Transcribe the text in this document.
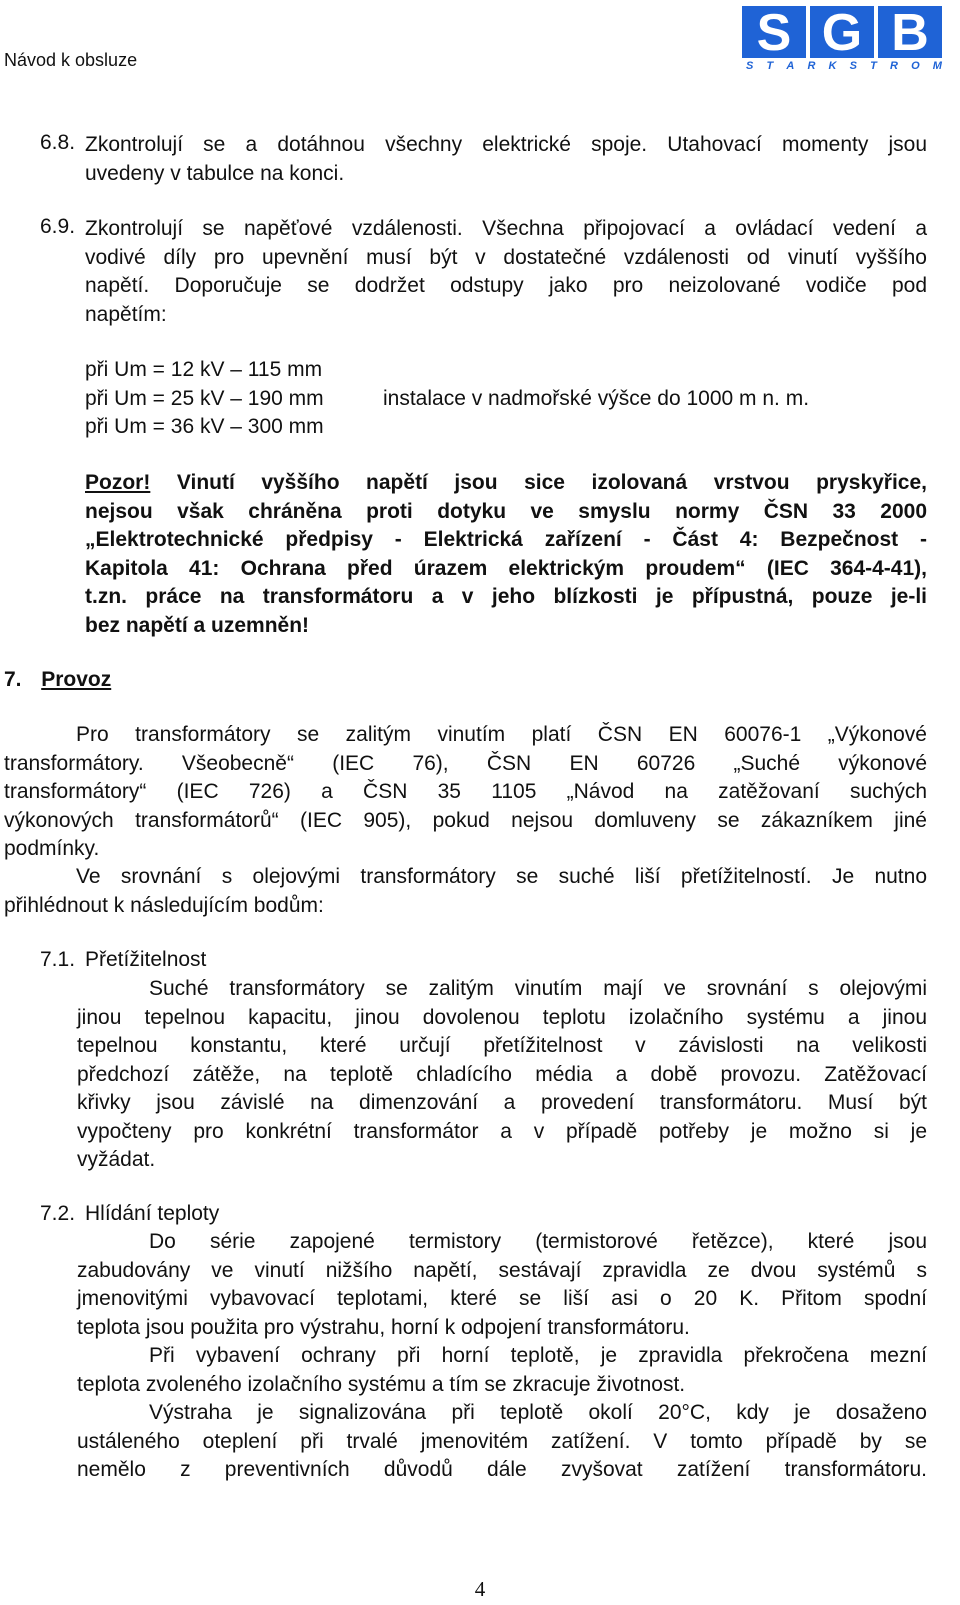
Návod k obsluze	S G B
S T A R K S T R O M
6.8. Zkontrolují se a dotáhnou všechny elektrické spoje. Utahovací momenty jsou
uvedeny v tabulce na konci.
6.9. Zkontrolují se napěťové vzdálenosti. Všechna připojovací a ovládací vedení a
vodivé díly pro upevnění musí být v dostatečné vzdálenosti od vinutí vyššího
napětí. Doporučuje se dodržet odstupy jako pro neizolované vodiče pod
napětím:
při Um = 12 kV – 115 mm
při Um = 25 kV – 190 mm
při Um = 36 kV – 300 mm
instalace v nadmořské výšce do 1000 m n. m.
Pozor! Vinutí vyššího napětí jsou sice izolovaná vrstvou pryskyřice,
nejsou však chráněna proti dotyku ve smyslu normy ČSN 33 2000
„Elektrotechnické předpisy - Elektrická zařízení - Část 4: Bezpečnost -
Kapitola 41: Ochrana před úrazem elektrickým proudem“ (IEC 364-4-41),
t.zn. práce na transformátoru a v jeho blízkosti je přípustná, pouze je-li
bez napětí a uzemněn!
7. Provoz
Pro transformátory se zalitým vinutím platí ČSN EN 60076-1 „Výkonové
transformátory. Všeobecně“ (IEC 76), ČSN EN 60726 „Suché výkonové
transformátory“ (IEC 726) a ČSN 35 1105 „Návod na zatěžovaní suchých
výkonových transformátorů“ (IEC 905), pokud nejsou domluveny se zákazníkem jiné
podmínky.
Ve srovnání s olejovými transformátory se suché liší přetížitelností. Je nutno
přihlédnout k následujícím bodům:
7.1. Přetížitelnost
Suché transformátory se zalitým vinutím mají ve srovnání s olejovými
jinou tepelnou kapacitu, jinou dovolenou teplotu izolačního systému a jinou
tepelnou konstantu, které určují přetížitelnost v závislosti na velikosti
předchozí zátěže, na teplotě chladícího média a době provozu. Zatěžovací
křivky jsou závislé na dimenzování a provedení transformátoru. Musí být
vypočteny pro konkrétní transformátor a v případě potřeby je možno si je
vyžádat.
7.2. Hlídání teploty
Do série zapojené termistory (termistorové řetězce), které jsou
zabudovány ve vinutí nižšího napětí, sestávají zpravidla ze dvou systémů s
jmenovitými vybavovací teplotami, které se liší asi o 20 K. Přitom spodní
teplota jsou použita pro výstrahu, horní k odpojení transformátoru.
Při vybavení ochrany při horní teplotě, je zpravidla překročena mezní
teplota zvoleného izolačního systému a tím se zkracuje životnost.
Výstraha je signalizována při teplotě okolí 20°C, kdy je dosaženo
ustáleného oteplení při trvalé jmenovitém zatížení. V tomto případě by se
nemělo z preventivních důvodů dále zvyšovat zatížení transformátoru.
4
